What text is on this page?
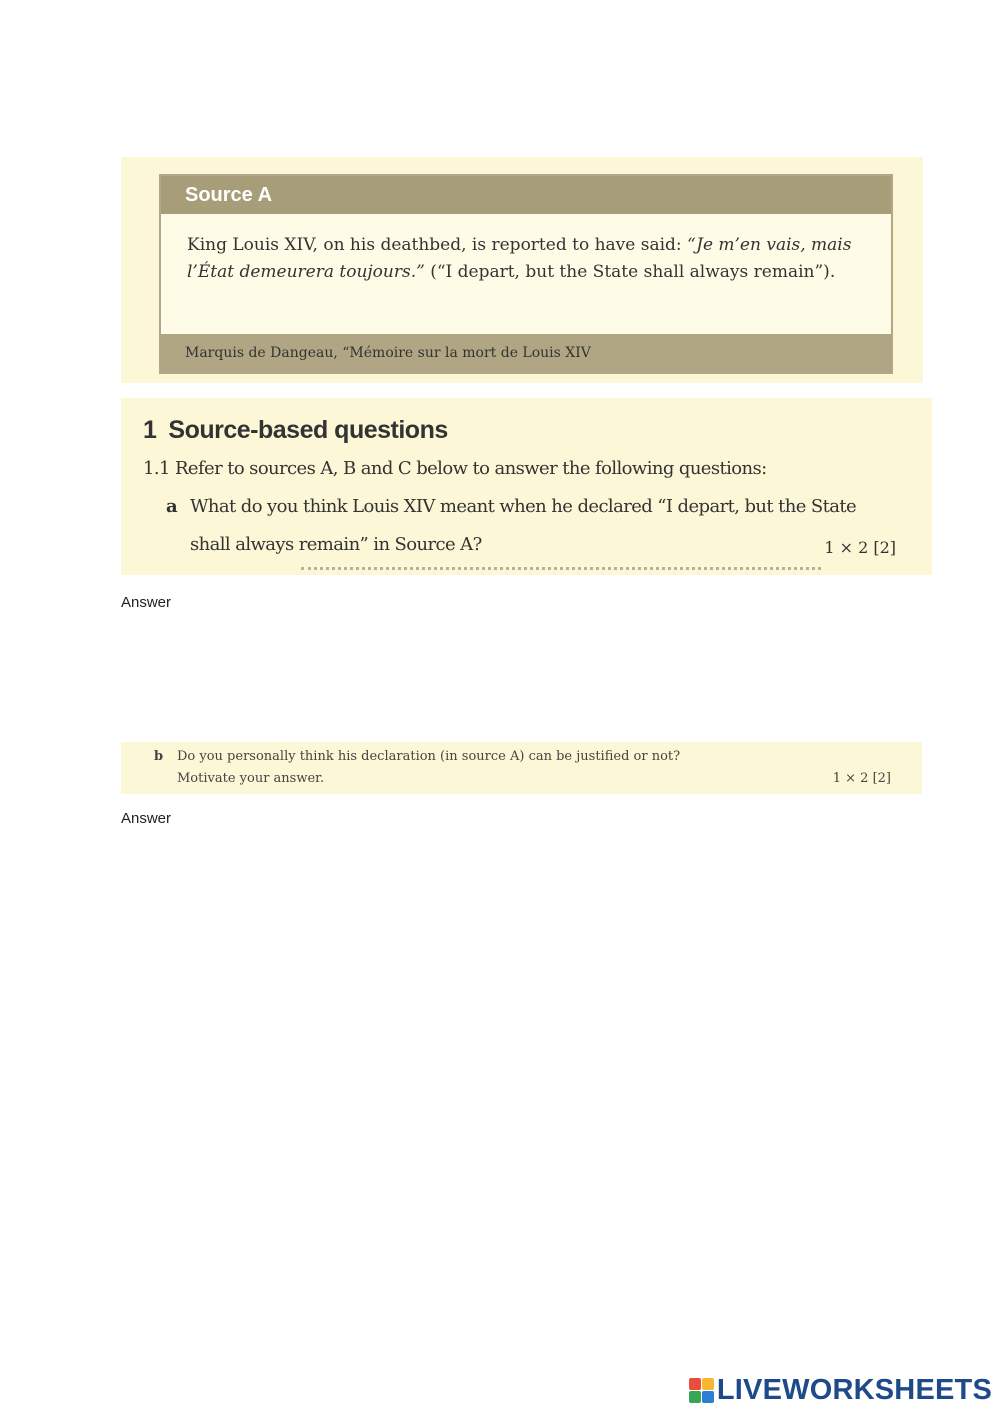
Source A
King Louis XIV, on his deathbed, is reported to have said: “Je m’en vais, mais l’État demeurera toujours.” (“I depart, but the State shall always remain”).
Marquis de Dangeau, “Mémoire sur la mort de Louis XIV
1 Source-based questions
1.1 Refer to sources A, B and C below to answer the following questions:
a What do you think Louis XIV meant when he declared “I depart, but the State
shall always remain” in Source A?	1 × 2 [2]
Answer
b Do you personally think his declaration (in source A) can be justified or not?
Motivate your answer.	1 × 2 [2]
Answer
LIVEWORKSHEETS
